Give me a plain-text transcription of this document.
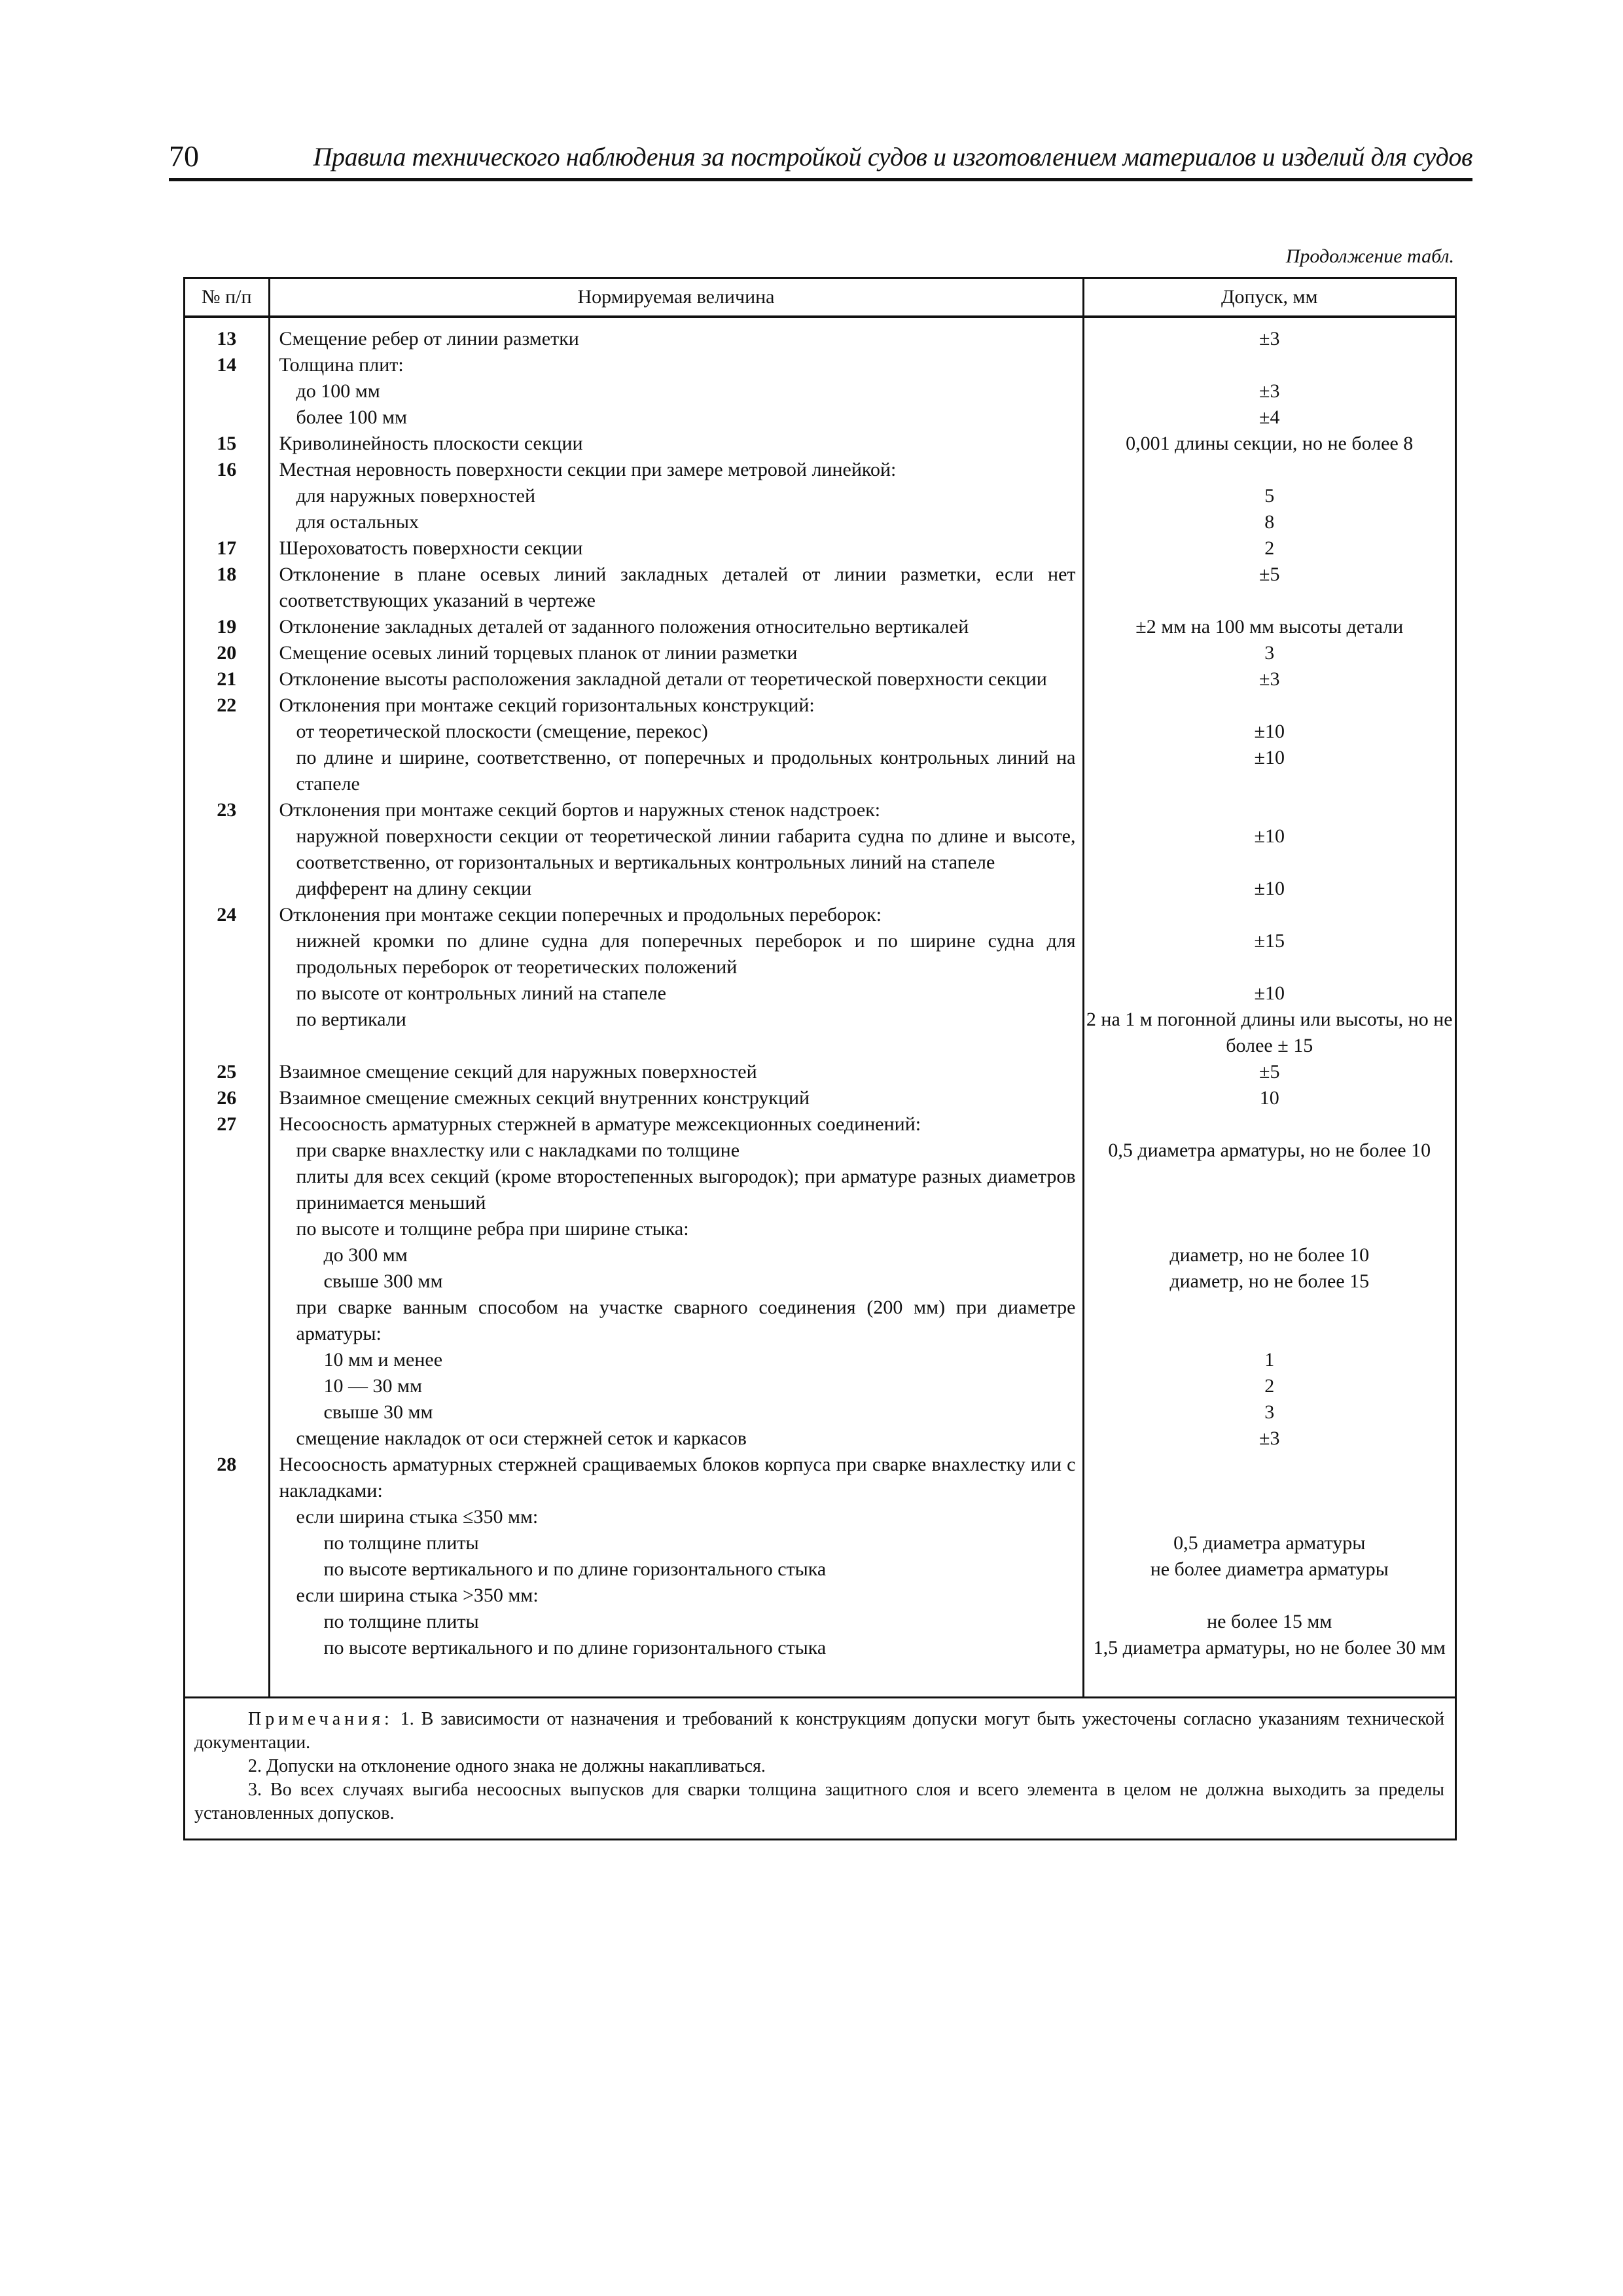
70	Правила технического наблюдения за постройкой судов и изготовлением материалов и изделий для судов
Продолжение табл.
№ п/п	Нормируемая величина	Допуск, мм
13	Смещение ребер от линии разметки	±3
14	Толщина плит:	
	до 100 мм	±3
	более 100 мм	±4
15	Криволинейность плоскости секции	0,001 длины секции, но не более 8
16	Местная неровность поверхности секции при замере метровой линейкой:	
	для наружных поверхностей	5
	для остальных	8
17	Шероховатость поверхности секции	2
18	Отклонение в плане осевых линий закладных деталей от линии разметки, если нет соответствующих указаний в чертеже	±5
19	Отклонение закладных деталей от заданного положения относительно вертикалей	±2 мм на 100 мм высоты детали
20	Смещение осевых линий торцевых планок от линии разметки	3
21	Отклонение высоты расположения закладной детали от теоретической поверхности секции	±3
22	Отклонения при монтаже секций горизонтальных конструкций:	
	от теоретической плоскости (смещение, перекос)	±10
	по длине и ширине, соответственно, от поперечных и продольных контрольных линий на стапеле	±10
23	Отклонения при монтаже секций бортов и наружных стенок надстроек:	
	наружной поверхности секции от теоретической линии габарита судна по длине и высоте, соответственно, от горизонтальных и вертикальных контрольных линий на стапеле	±10
	дифферент на длину секции	±10
24	Отклонения при монтаже секции поперечных и продольных переборок:	
	нижней кромки по длине судна для поперечных переборок и по ширине судна для продольных переборок от теоретических положений	±15
	по высоте от контрольных линий на стапеле	±10
	по вертикали	2 на 1 м погонной длины или высоты, но не более ± 15
25	Взаимное смещение секций для наружных поверхностей	±5
26	Взаимное смещение смежных секций внутренних конструкций	10
27	Несоосность арматурных стержней в арматуре межсекционных соединений:	
	при сварке внахлестку или с накладками по толщине	0,5 диаметра арматуры, но не более 10
	плиты для всех секций (кроме второстепенных выгородок); при арматуре разных диаметров принимается меньший	
	по высоте и толщине ребра при ширине стыка:	
	до 300 мм	диаметр, но не более 10
	свыше 300 мм	диаметр, но не более 15
	при сварке ванным способом на участке сварного соединения (200 мм) при диаметре арматуры:	
	10 мм и менее	1
	10 — 30 мм	2
	свыше 30 мм	3
	смещение накладок от оси стержней сеток и каркасов	±3
28	Несоосность арматурных стержней сращиваемых блоков корпуса при сварке внахлестку или с накладками:	
	если ширина стыка ≤350 мм:	
	по толщине плиты	0,5 диаметра арматуры
	по высоте вертикального и по длине горизонтального стыка	не более диаметра арматуры
	если ширина стыка >350 мм:	
	по толщине плиты	не более 15 мм
	по высоте вертикального и по длине горизонтального стыка	1,5 диаметра арматуры, но не более 30 мм

Примечания: 1. В зависимости от назначения и требований к конструкциям допуски могут быть ужесточены согласно указаниям технической документации.
2. Допуски на отклонение одного знака не должны накапливаться.
3. Во всех случаях выгиба несоосных выпусков для сварки толщина защитного слоя и всего элемента в целом не должна выходить за пределы установленных допусков.		
